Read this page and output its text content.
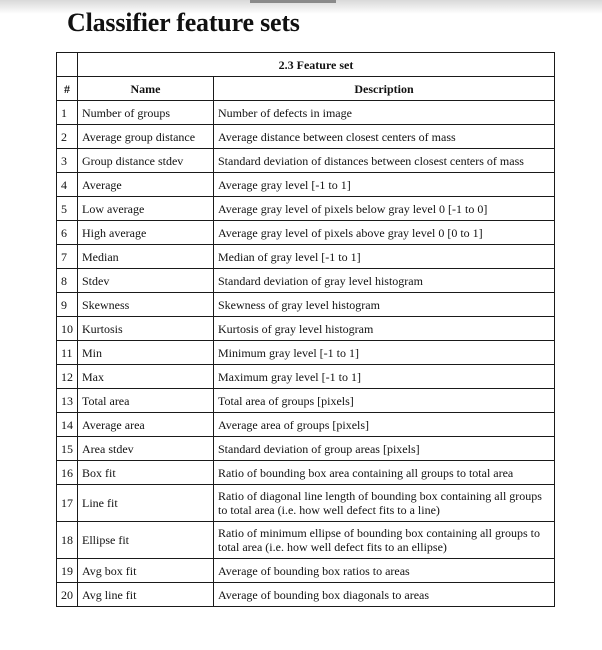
Classifier feature sets
	2.3 Feature set	
#	Name	Description
1	Number of groups	Number of defects in image
2	Average group distance	Average distance between closest centers of mass
3	Group distance stdev	Standard deviation of distances between closest centers of mass
4	Average	Average gray level [-1 to 1]
5	Low average	Average gray level of pixels below gray level 0 [-1 to 0]
6	High average	Average gray level of pixels above gray level 0 [0 to 1]
7	Median	Median of gray level [-1 to 1]
8	Stdev	Standard deviation of gray level histogram
9	Skewness	Skewness of gray level histogram
10	Kurtosis	Kurtosis of gray level histogram
11	Min	Minimum gray level [-1 to 1]
12	Max	Maximum gray level [-1 to 1]
13	Total area	Total area of groups [pixels]
14	Average area	Average area of groups [pixels]
15	Area stdev	Standard deviation of group areas [pixels]
16	Box fit	Ratio of bounding box area containing all groups to total area
17	Line fit	Ratio of diagonal line length of bounding box containing all groups to total area (i.e. how well defect fits to a line)
18	Ellipse fit	Ratio of minimum ellipse of bounding box containing all groups to total area (i.e. how well defect fits to an ellipse)
19	Avg box fit	Average of bounding box ratios to areas
20	Avg line fit	Average of bounding box diagonals to areas
